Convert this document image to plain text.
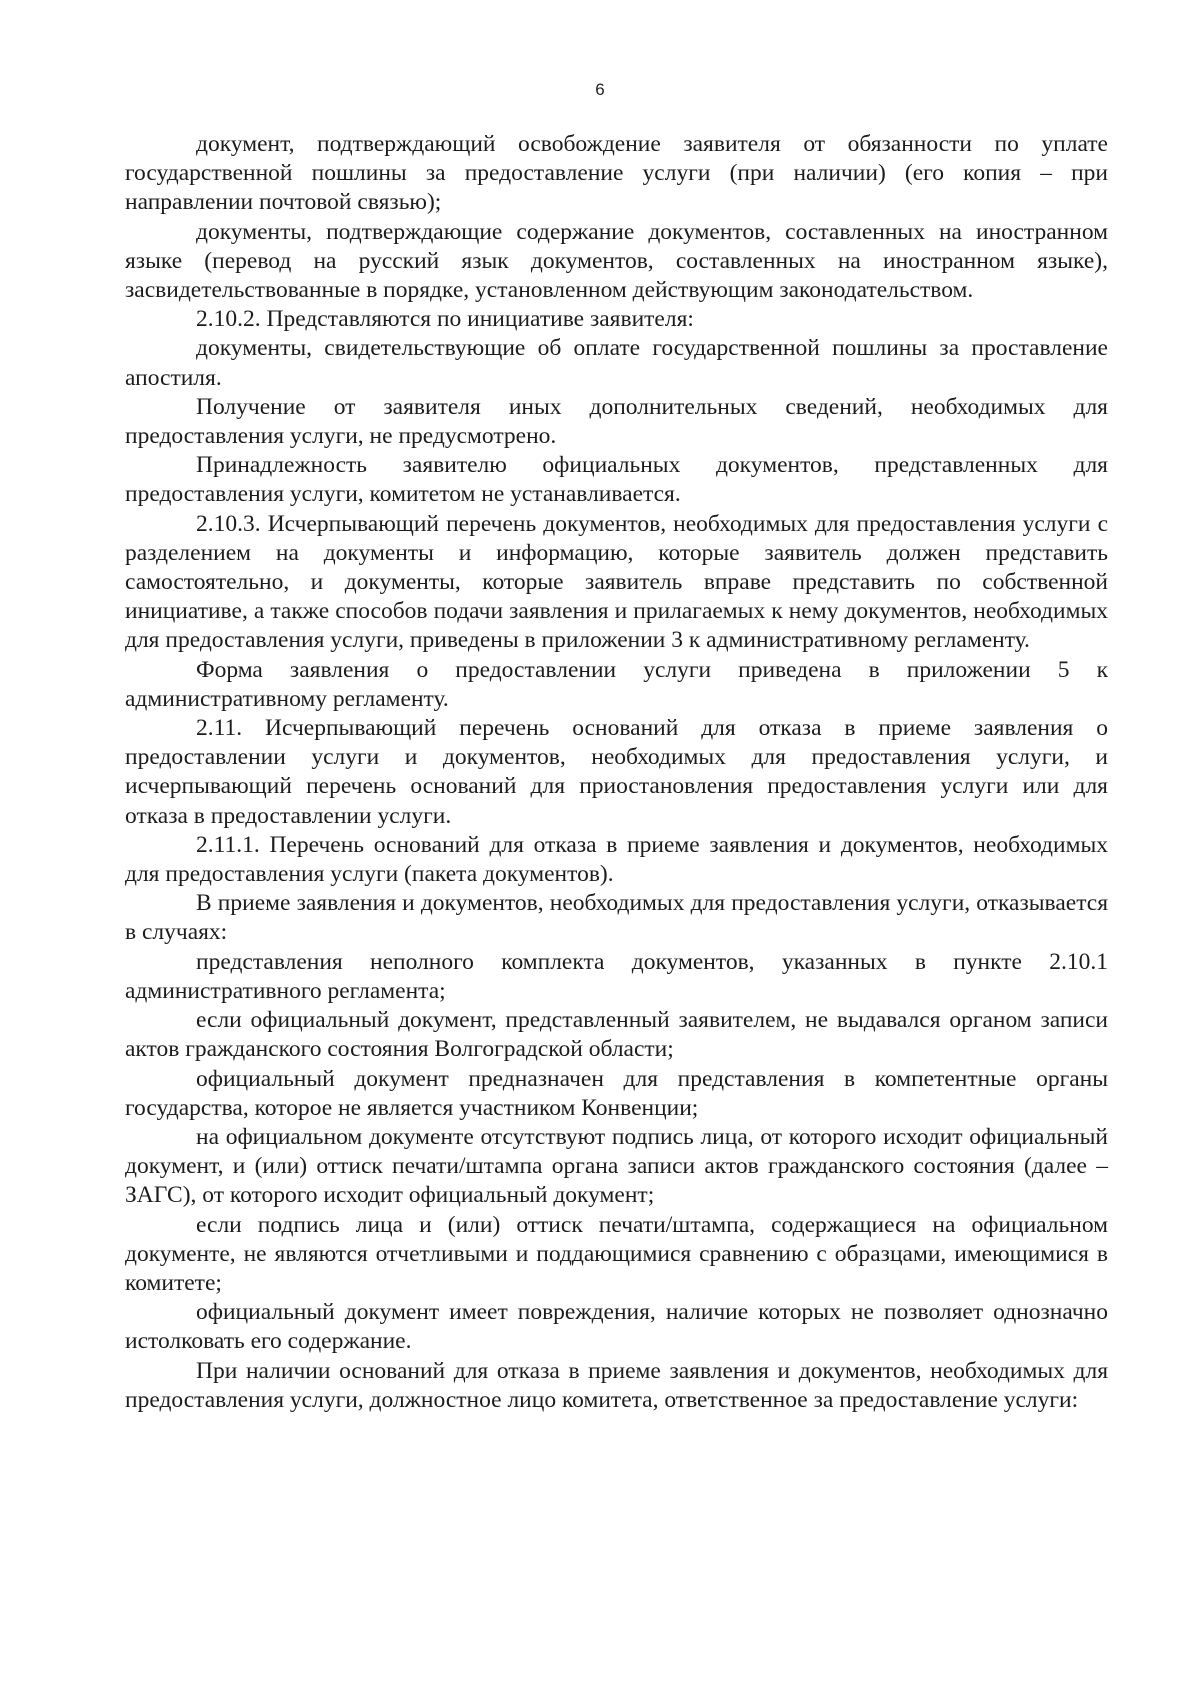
6

документ, подтверждающий освобождение заявителя от обязанности по уплате государственной пошлины за предоставление услуги (при наличии) (его копия – при направлении почтовой связью);

документы, подтверждающие содержание документов, составленных на иностранном языке (перевод на русский язык документов, составленных на иностранном языке), засвидетельствованные в порядке, установленном действующим законодательством.

2.10.2. Представляются по инициативе заявителя:

документы, свидетельствующие об оплате государственной пошлины за проставление апостиля.

Получение от заявителя иных дополнительных сведений, необходимых для предоставления услуги, не предусмотрено.

Принадлежность заявителю официальных документов, представленных для предоставления услуги, комитетом не устанавливается.

2.10.3. Исчерпывающий перечень документов, необходимых для предоставления услуги с разделением на документы и информацию, которые заявитель должен представить самостоятельно, и документы, которые заявитель вправе представить по собственной инициативе, а также способов подачи заявления и прилагаемых к нему документов, необходимых для предоставления услуги, приведены в приложении 3 к административному регламенту.

Форма заявления о предоставлении услуги приведена в приложении 5 к административному регламенту.

2.11. Исчерпывающий перечень оснований для отказа в приеме заявления о предоставлении услуги и документов, необходимых для предоставления услуги, и исчерпывающий перечень оснований для приостановления предоставления услуги или для отказа в предоставлении услуги.

2.11.1. Перечень оснований для отказа в приеме заявления и документов, необходимых для предоставления услуги (пакета документов).

В приеме заявления и документов, необходимых для предоставления услуги, отказывается в случаях:

представления неполного комплекта документов, указанных в пункте 2.10.1 административного регламента;

если официальный документ, представленный заявителем, не выдавался органом записи актов гражданского состояния Волгоградской области;

официальный документ предназначен для представления в компетентные органы государства, которое не является участником Конвенции;

на официальном документе отсутствуют подпись лица, от которого исходит официальный документ, и (или) оттиск печати/штампа органа записи актов гражданского состояния (далее – ЗАГС), от которого исходит официальный документ;

если подпись лица и (или) оттиск печати/штампа, содержащиеся на официальном документе, не являются отчетливыми и поддающимися сравнению с образцами, имеющимися в комитете;

официальный документ имеет повреждения, наличие которых не позволяет однозначно истолковать его содержание.

При наличии оснований для отказа в приеме заявления и документов, необходимых для предоставления услуги, должностное лицо комитета, ответственное за предоставление услуги:
